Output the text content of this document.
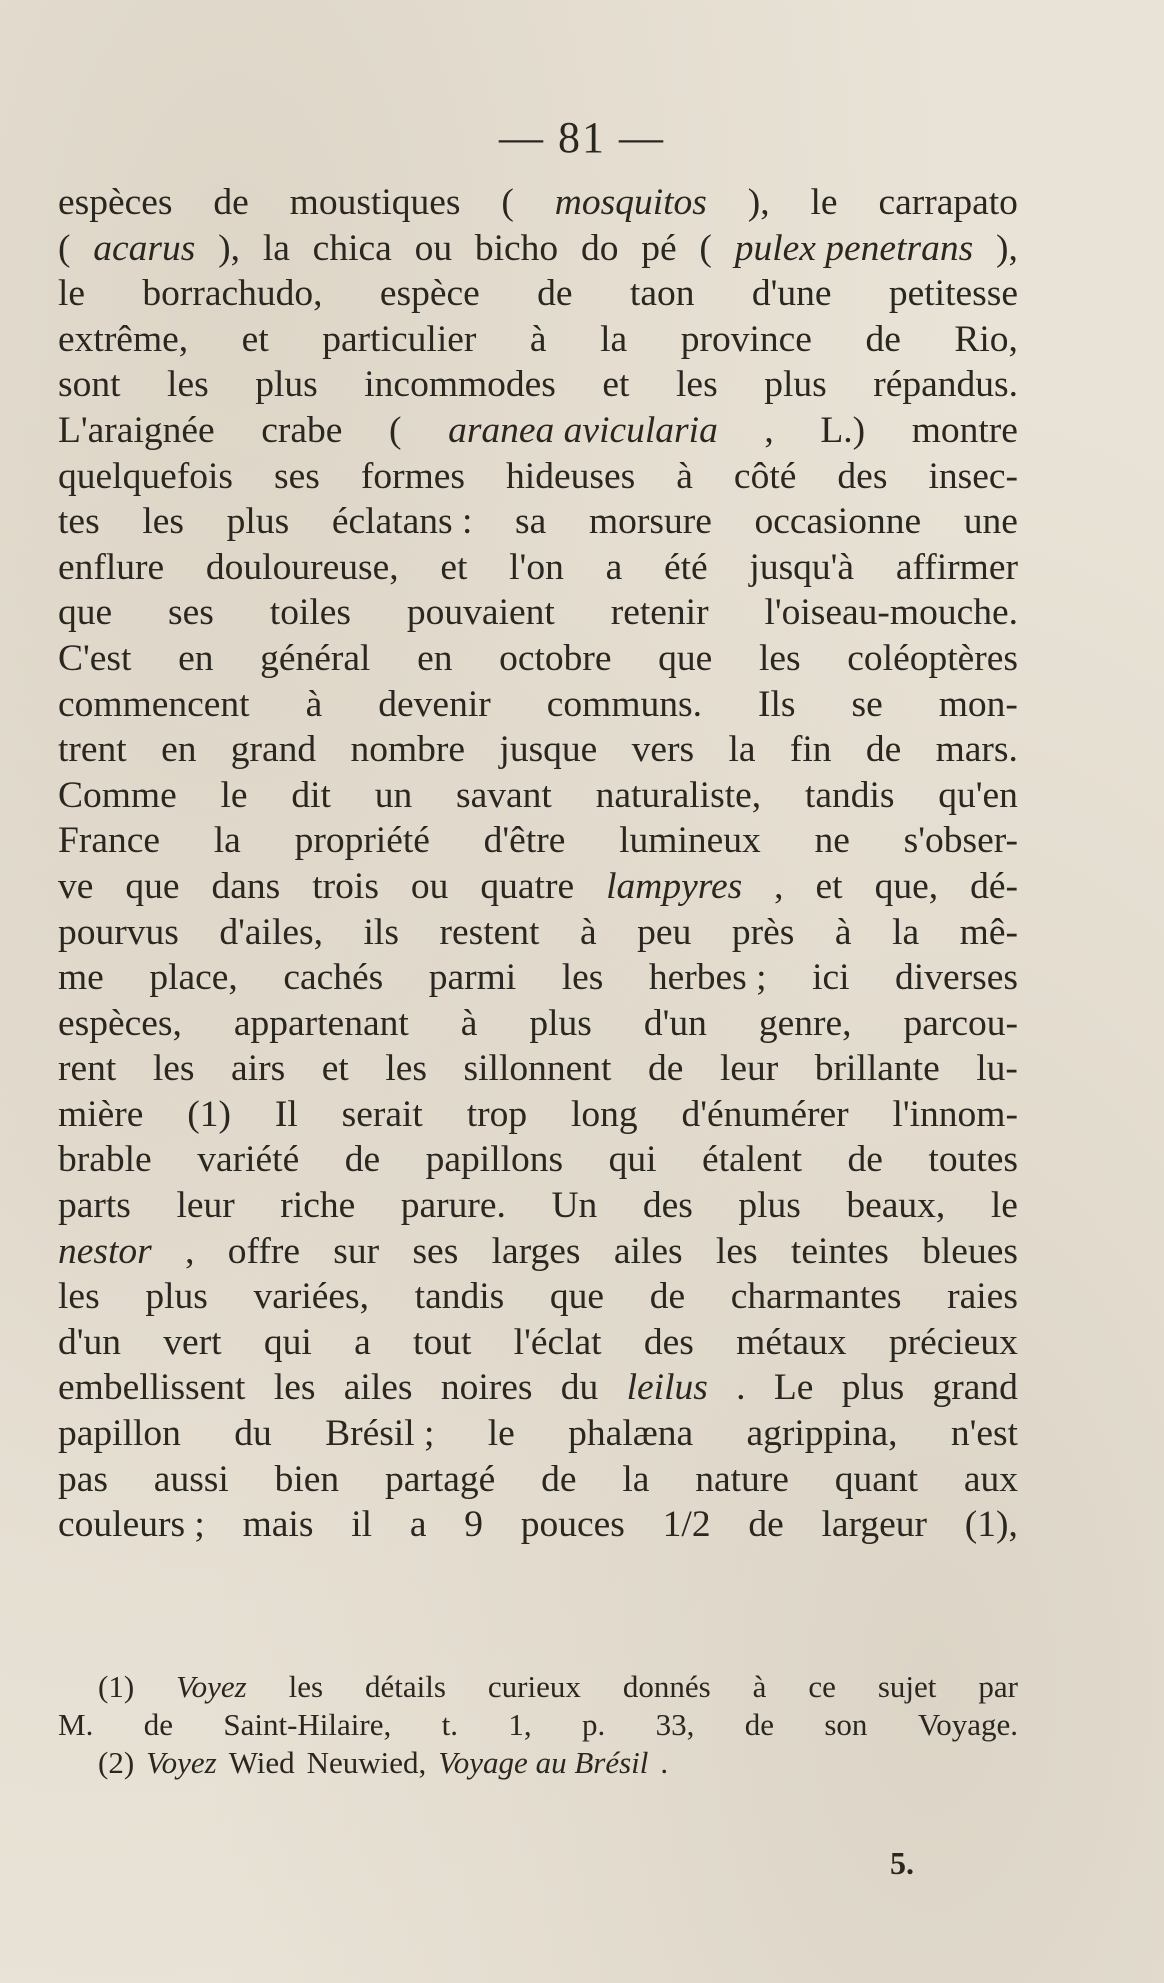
— 81 —
espèces de moustiques ( mosquitos ), le carrapato
( acarus ), la chica ou bicho do pé ( pulex penetrans ),
le borrachudo, espèce de taon d'une petitesse
extrême, et particulier à la province de Rio,
sont les plus incommodes et les plus répandus.
L'araignée crabe ( aranea avicularia , L.) montre
quelquefois ses formes hideuses à côté des insec-
tes les plus éclatans : sa morsure occasionne une
enflure douloureuse, et l'on a été jusqu'à affirmer
que ses toiles pouvaient retenir l'oiseau-mouche.
C'est en général en octobre que les coléoptères
commencent à devenir communs. Ils se mon-
trent en grand nombre jusque vers la fin de mars.
Comme le dit un savant naturaliste, tandis qu'en
France la propriété d'être lumineux ne s'obser-
ve que dans trois ou quatre lampyres , et que, dé-
pourvus d'ailes, ils restent à peu près à la mê-
me place, cachés parmi les herbes ; ici diverses
espèces, appartenant à plus d'un genre, parcou-
rent les airs et les sillonnent de leur brillante lu-
mière (1) Il serait trop long d'énumérer l'innom-
brable variété de papillons qui étalent de toutes
parts leur riche parure. Un des plus beaux, le
nestor , offre sur ses larges ailes les teintes bleues
les plus variées, tandis que de charmantes raies
d'un vert qui a tout l'éclat des métaux précieux
embellissent les ailes noires du leilus . Le plus grand
papillon du Brésil ; le phalæna agrippina, n'est
pas aussi bien partagé de la nature quant aux
couleurs ; mais il a 9 pouces 1/2 de largeur (1),
(1) Voyez les détails curieux donnés à ce sujet par
M. de Saint-Hilaire, t. 1, p. 33, de son Voyage.
(2) Voyez Wied Neuwied, Voyage au Brésil .
5.
